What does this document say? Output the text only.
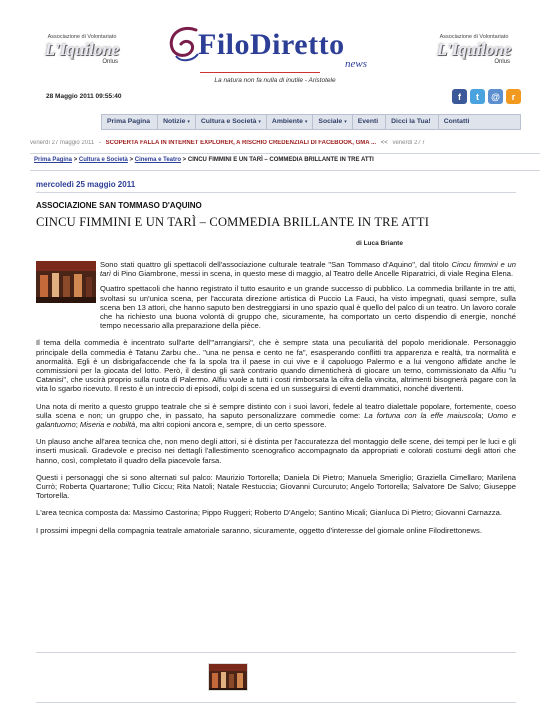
Associazione di Volontariato
L'Iquilone
Onlus
FiloDiretto
news
La natura non fa nulla di inutile - Aristotele
Associazione di Volontariato
L'Iquilone
Onlus
28 Maggio 2011 09:55:40	f	t	@	r
Prima Pagina	Notizie ▾	Cultura e Società ▾	Ambiente ▾	Sociale ▾	Eventi	Dicci la Tua!	Contatti
venerdì 27 maggio 2011 - SCOPERTA FALLA IN INTERNET EXPLORER, A RISCHIO CREDENZIALI DI FACEBOOK, GMA ... << venerdì 27 r
Prima Pagina > Cultura e Società > Cinema e Teatro > CINCU FIMMINI E UN TARÌ – COMMEDIA BRILLANTE IN TRE ATTI
mercoledì 25 maggio 2011
ASSOCIAZIONE SAN TOMMASO D'AQUINO
CINCU FIMMINI E UN TARÌ – COMMEDIA BRILLANTE IN TRE ATTI
di Luca Briante

Sono stati quattro gli spettacoli dell'associazione culturale teatrale "San Tommaso d'Aquino", dal titolo Cincu fimmini e un tarì di Pino Giambrone, messi in scena, in questo mese di maggio, al Teatro delle Ancelle Riparatrici, di viale Regina Elena.

Quattro spettacoli che hanno registrato il tutto esaurito e un grande successo di pubblico. La commedia brillante in tre atti, svoltasi su un'unica scena, per l'accurata direzione artistica di Puccio La Fauci, ha visto impegnati, quasi sempre, sulla scena ben 13 attori, che hanno saputo ben destreggiarsi in uno spazio qual è quello del palco di un teatro. Un lavoro corale che ha richiesto una buona volontà di gruppo che, sicuramente, ha comportato un certo dispendio di energie, nonché tempo necessario alla preparazione della pièce.

Il tema della commedia è incentrato sull'arte dell'"arrangiarsi", che è sempre stata una peculiarità del popolo meridionale. Personaggio principale della commedia è Tatanu Zarbu che.. "una ne pensa e cento ne fa", esasperando conflitti tra apparenza e realtà, tra normalità e anormalità. Egli è un disbrigafaccende che fa la spola tra il paese in cui vive e il capoluogo Palermo e a lui vengono affidate anche le commissioni per la giocata del lotto. Però, il destino gli sarà contrario quando dimenticherà di giocare un terno, commissionato da Alfiu "u Catanisi", che uscirà proprio sulla ruota di Palermo. Alfiu vuole a tutti i costi rimborsata la cifra della vincita, altrimenti bisognerà pagare con la vita lo sgarbo ricevuto. Il resto è un intreccio di episodi, colpi di scena ed un susseguirsi di eventi drammatici, nonché divertenti.

Una nota di merito a questo gruppo teatrale che si è sempre distinto con i suoi lavori, fedele al teatro dialettale popolare, fortemente, coeso sulla scena e non; un gruppo che, in passato, ha saputo personalizzare commedie come: La fortuna con la effe maiuscola; Uomo e galantuomo; Miseria e nobiltà, ma altri copioni ancora e, sempre, di un certo spessore.

Un plauso anche all'area tecnica che, non meno degli attori, si è distinta per l'accuratezza del montaggio delle scene, dei tempi per le luci e gli inserti musicali. Gradevole e preciso nei dettagli l'allestimento scenografico accompagnato da appropriati e colorati costumi degli attori che hanno, così, completato il quadro della piacevole farsa.

Questi i personaggi che si sono alternati sul palco: Maurizio Tortorella; Daniela Di Pietro; Manuela Smeriglio; Graziella Cimellaro; Marilena Currò; Roberta Quartarone; Tullio Ciccu; Rita Natoli; Natale Restuccia; Giovanni Curcuruto; Angelo Tortorella; Salvatore De Salvo; Giuseppe Tortorella.

L'area tecnica composta da: Massimo Castorina; Pippo Ruggeri; Roberto D'Angelo; Santino Micali; Gianluca Di Pietro; Giovanni Carnazza.

I prossimi impegni della compagnia teatrale amatoriale saranno, sicuramente, oggetto d'interesse del giornale online Filodirettonews.
